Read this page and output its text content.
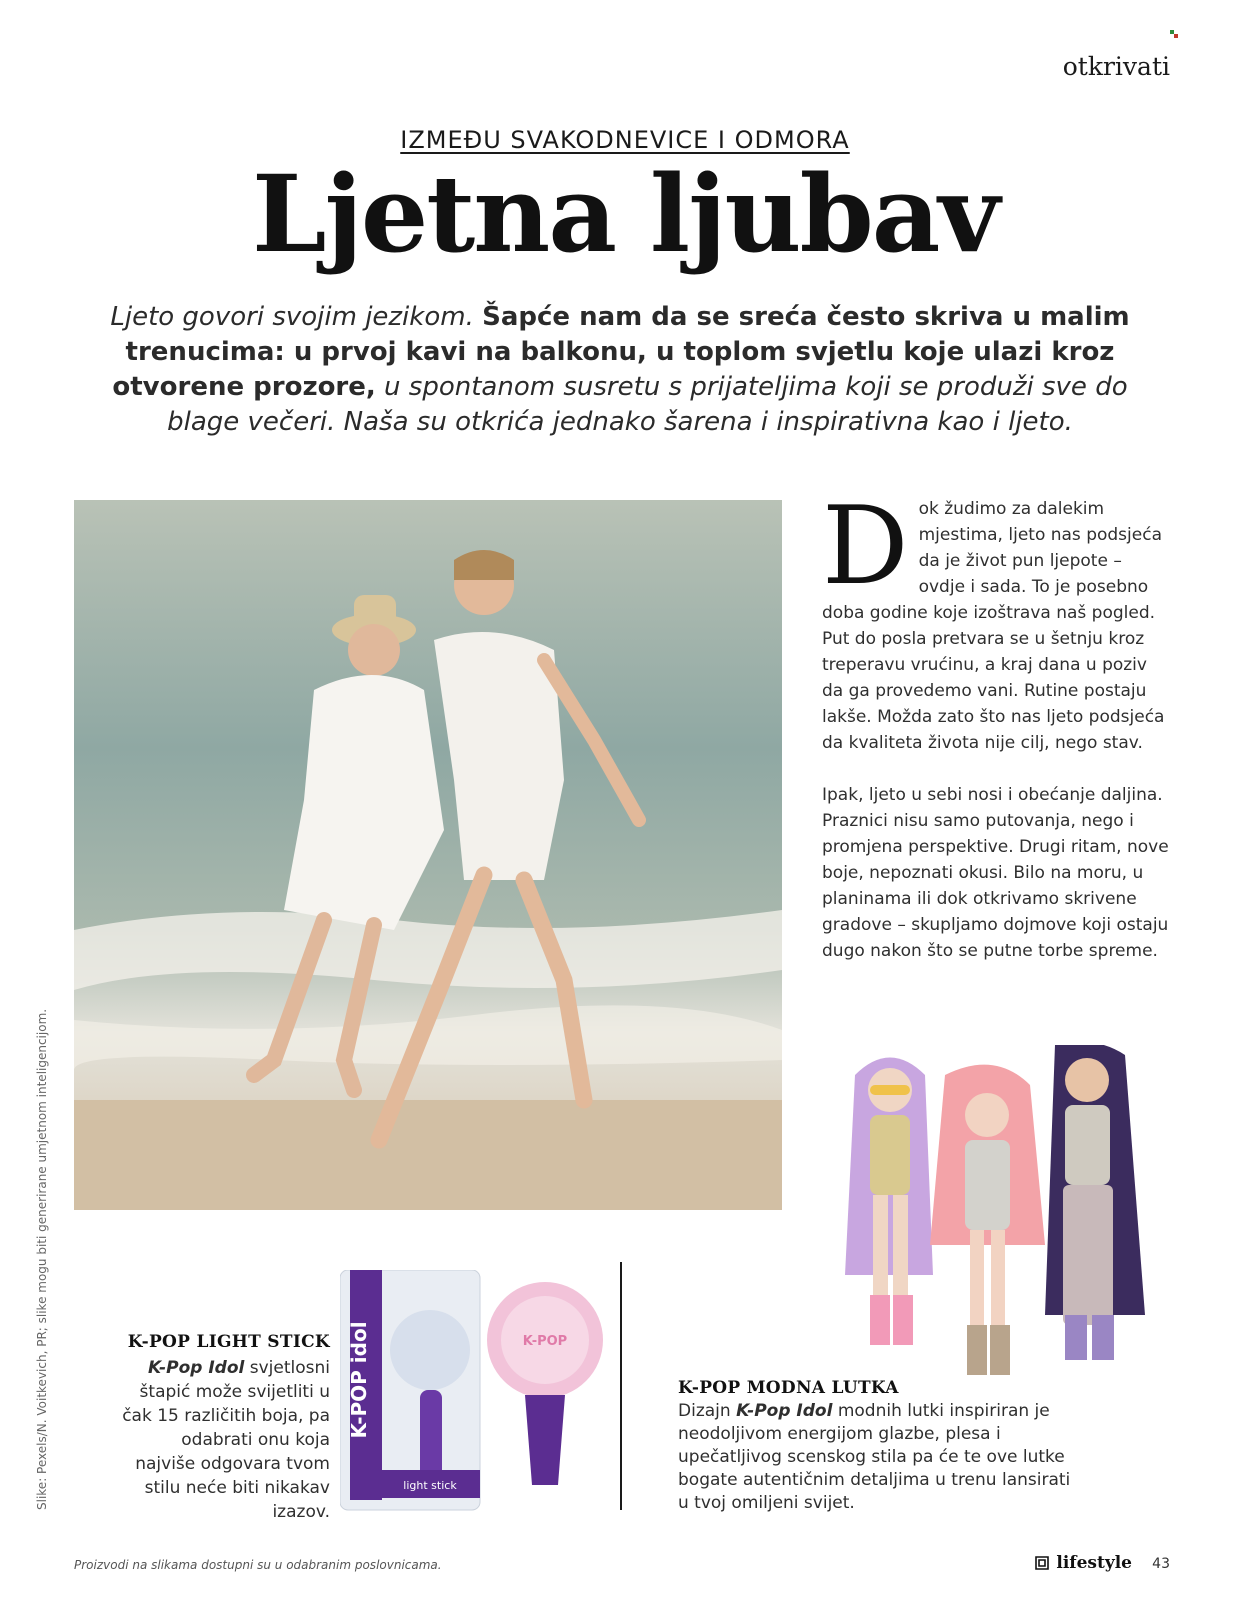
otkrivati
IZMEĐU SVAKODNEVICE I ODMORA
Ljetna ljubav
Ljeto govori svojim jezikom. Šapće nam da se sreća često skriva u malim trenucima: u prvoj kavi na balkonu, u toplom svjetlu koje ulazi kroz otvorene prozore, u spontanom susretu s prijateljima koji se produži sve do blage večeri. Naša su otkrića jednako šarena i inspirativna kao i ljeto.

Dok žudimo za dalekim mjestima, ljeto nas podsjeća da je život pun ljepote – ovdje i sada. To je posebno doba godine koje izoštrava naš pogled. Put do posla pretvara se u šetnju kroz treperavu vrućinu, a kraj dana u poziv da ga provedemo vani. Rutine postaju lakše. Možda zato što nas ljeto podsjeća da kvaliteta života nije cilj, nego stav.

Ipak, ljeto u sebi nosi i obećanje daljina. Praznici nisu samo putovanja, nego i promjena perspektive. Drugi ritam, nove boje, nepoznati okusi. Bilo na moru, u planinama ili dok otkrivamo skrivene gradove – skupljamo dojmove koji ostaju dugo nakon što se putne torbe spreme.

Slike: Pexels/N. Voitkevich, PR; slike mogu biti generirane umjetnom inteligencijom.	K-POP LIGHT STICK
K-Pop Idol svjetlosni štapić može svijetliti u čak 15 različitih boja, pa odabrati onu koja najviše odgovara tvom stilu neće biti nikakav izazov.
K-POP idol
light stick
K-POP
K-POP MODNA LUTKA
Dizajn K-Pop Idol modnih lutki inspiriran je neodoljivom energijom glazbe, plesa i upečatljivog scenskog stila pa će te ove lutke bogate autentičnim detaljima u trenu lansirati u tvoj omiljeni svijet.
Proizvodi na slikama dostupni su u odabranim poslovnicama.	lifestyle 43
